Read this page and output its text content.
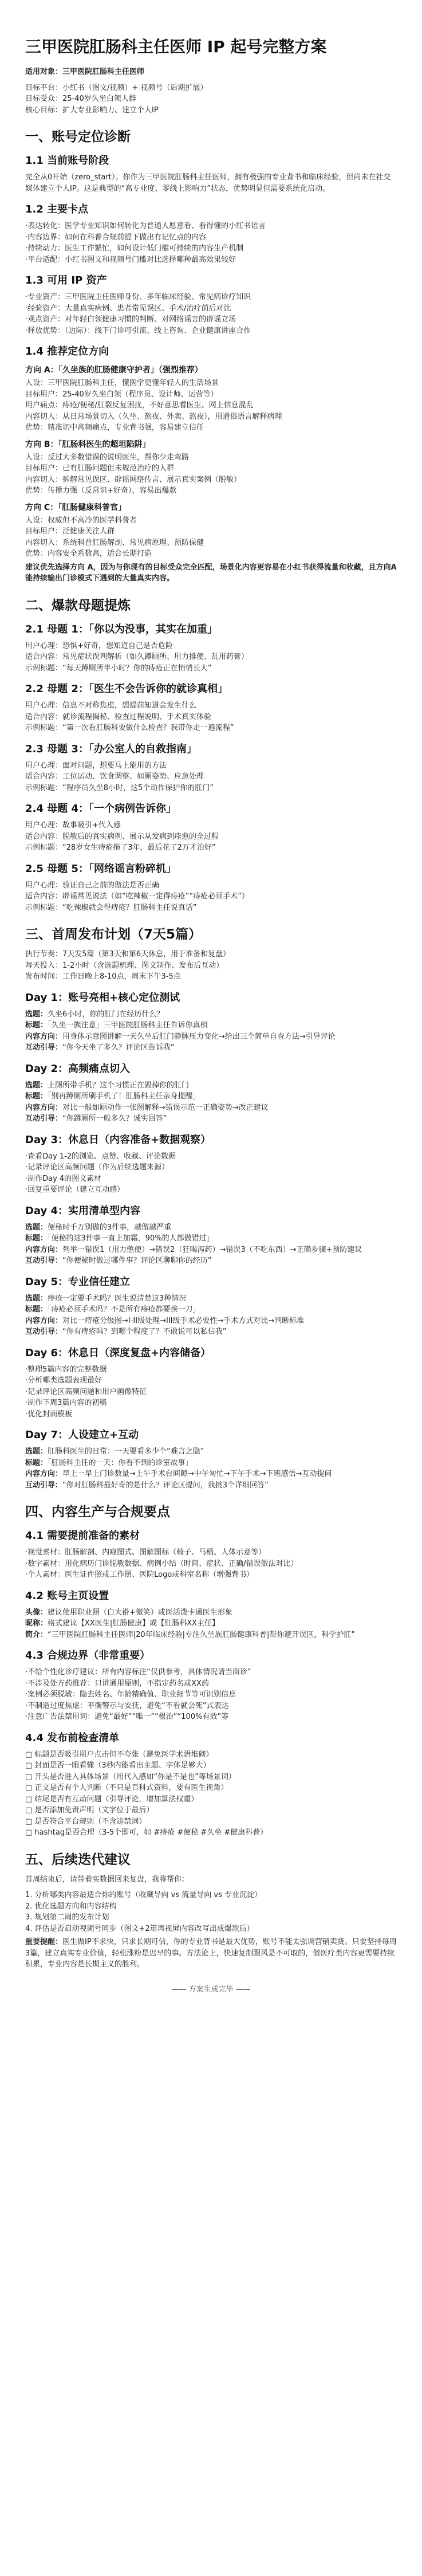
三甲医院肛肠科主任医师 IP 起号完整方案

适用对象：三甲医院肛肠科主任医师

目标平台：小红书（图文/视频）+ 视频号（后期扩展）
目标受众：25-40岁久坐白领人群
核心目标：扩大专业影响力、建立个人IP
一、账号定位诊断
1.1 当前账号阶段

完全从0开始（zero_start）。你作为三甲医院肛肠科主任医师，拥有极强的专业背书和临床经验，但尚未在社交媒体建立个人IP。这是典型的“高专业度、零线上影响力”状态，优势明显但需要系统化启动。

1.2 主要卡点
·表达转化：医学专业知识如何转化为普通人愿意看、看得懂的小红书语言
·内容边界：如何在科普合规前提下做出有记忆点的内容
·持续动力：医生工作繁忙，如何设计低门槛可持续的内容生产机制
·平台适配：小红书图文和视频号门槛对比选择哪种最高效果较好
1.3 可用 IP 资产
·专业资产：三甲医院主任医师身份、多年临床经验、常见病诊疗知识
·经验资产：大量真实病例、患者常见误区、手术/治疗前后对比
·观点资产：对年轻白领健康习惯的判断、对网络谣言的辟谣立场
·释放优势：（边际）：线下门诊可引流、线上咨询、企业健康讲座合作
1.4 推荐定位方向
方向 A：「久坐族的肛肠健康守护者」（强烈推荐）
人设：三甲医院肛肠科主任，懂医学更懂年轻人的生活场景
目标用户：25-40岁久坐白领（程序员、设计师、运营等）
用户痛点：痔疮/便秘/肛裂反复困扰，不好意思看医生、网上信息混乱
内容切入：从日常场景切入（久坐、熬夜、外卖、熬夜），用通俗语言解释病理
优势：精准切中高频痛点，专业背书强，容易建立信任
方向 B：「肛肠科医生的超坦陷阱」
人设：反过大多数错误的说明医生，帮你少走弯路
目标用户：已有肛肠问题但未规范治疗的人群
内容切入：拆解常见误区、辟谣网络传言、展示真实案例（脱敏）
优势：传播力强（反常识+好奇），容易出爆款
方向 C：「肛肠健康科普官」
人设：权威但不高冷的医学科普者
目标用户：泛健康关注人群
内容切入：系统科普肛肠解剖、常见病原理、预防保健
优势：内容安全系数高，适合长期打造

建议优先选择方向 A，因为与你现有的目标受众完全匹配，场景化内容更容易在小红书获得流量和收藏，且方向A能持续输出门诊模式下遇到的大量真实内容。

二、爆款母题提炼
2.1 母题 1：「你以为没事，其实在加重」
用户心理：恐惧+好奇，想知道自己是否危险
适合内容：常见症状误判解析（如久蹲厕所、用力排便、乱用药膏）
示例标题：“每天蹲厕所半小时？你的痔疮正在悄悄长大”
2.2 母题 2：「医生不会告诉你的就诊真相」
用户心理：信息不对称焦虑，想提前知道会发生什么
适合内容：就诊流程揭秘、检查过程说明、手术真实体验
示例标题：“第一次看肛肠科要做什么检查？我带你走一遍流程”
2.3 母题 3：「办公室人的自救指南」
用户心理：面对问题，想要马上能用的方法
适合内容：工位运动、饮食调整、如厕姿势、应急处理
示例标题：“程序员久坐8小时，这5个动作保护你的肛门”
2.4 母题 4：「一个病例告诉你」
用户心理：故事吸引+代入感
适合内容：脱敏后的真实病例、展示从发病到痊愈的全过程
示例标题：“28岁女生痔疮拖了3年，最后花了2万才治好”
2.5 母题 5：「网络谣言粉碎机」
用户心理：验证自己之前的做法是否正确
适合内容：辟谣常见说法（如“吃辣椒一定得痔疮”“痔疮必须手术”）
示例标题：“吃辣椒就会得痔疮？肛肠科主任说真话”
三、首周发布计划（7天5篇）
执行节奏：7天发5篇（第3天和第6天休息，用于准备和复盘）
每天投入：1-2小时（含选题梳理、图文制作、发布后互动）
发布时间：工作日晚上8-10点，周末下午3-5点
Day 1：账号亮相+核心定位测试
选题：久坐6小时，你的肛门在经历什么？
标题：「久坐一族注意」三甲医院肛肠科主任告诉你真相
内容方向：用身体示意图讲解一天久坐后肛门静脉压力变化→给出三个简单自查方法→引导评论
互动引导：“你今天坐了多久？评论区告诉我”
Day 2：高频痛点切入
选题：上厕所带手机？这个习惯正在毁掉你的肛门
标题：「别再蹲厕所刷手机了！肛肠科主任亲身提醒」
内容方向：对比一般如厕动作一张图解释→错误示范一正确姿势→改正建议
互动引导：“你蹲厕所一般多久？诚实回答”
Day 3：休息日（内容准备+数据观察）
·查看Day 1-2的浏览、点赞、收藏、评论数据
·记录评论区高频问题（作为后续选题来源）
·制作Day 4的图文素材
·回复重要评论（建立互动感）
Day 4：实用清单型内容
选题：便秘时千万别做的3件事，越做越严重
标题：「便秘的这3件事一直上加霜，90%的人都做错过」
内容方向：列举一错误1（用力憋便）→错误2（狂喝泻药）→错误3（不吃东西）→正确步骤+预防建议
互动引导：“你便秘时做过哪件事？评论区聊聊你的经历”
Day 5：专业信任建立
选题：痔疮一定要手术吗？医生说清楚这3种情况
标题：「痔疮必须手术吗？不是所有痔疮都要挨一刀」
内容方向：对比一痔疮分级图→I-II级处理→III级手术必要性→手术方式对比→判断标准
互动引导：“你有痔疮吗？到哪个程度了？不敢说可以私信我”
Day 6：休息日（深度复盘+内容储备）
·整理5篇内容的完整数据
·分析哪类选题表现最好
·记录评论区高频问题和用户画像特征
·制作下周3篇内容的初稿
·优化封面模板
Day 7：人设建立+互动
选题：肛肠科医生的日常：一天要看多少个“难言之隐”
标题：「肛肠科主任的一天：你看不到的诊室故事」
内容方向：早上一早上门诊数量→上午手术台间隙→中午匆忙→下午手术→下班感悟→互动提问
互动引导：“你对肛肠科最好奇的是什么？评论区提问，我挑3个详细回答”
四、内容生产与合规要点
4.1 需要提前准备的素材
·视觉素材：肛肠解剖、内窥图式、图解图标（椅子、马桶、人体示意等）
·数字素材：用化病历门诊脱敏数据、病例小结（时间、症状、正确/错误做法对比）
·个人素材：医生证件照或工作照、医院Logo或科室名称（增强背书）
4.2 账号主页设置
头像：建议使用职业照（白大褂+微笑）或医活泼卡通医生形象
昵称：格式建议【XX医生|肛肠健康】或【肛肠科XX主任】
简介：“三甲医院肛肠科主任医师|20年临床经验|专注久坐族肛肠健康科普|帮你避开误区，科学护肛”
4.3 合规边界（非常重要）
·不给个性化诊疗建议：所有内容标注“仅供参考，具体情况请当面诊”
·不涉及处方药推荐：只讲通用原则，不指定药名或XX药
·案例必须脱敏：隐去姓名、年龄精确值、职业细节等可识别信息
·不制造过度焦虑：平衡警示与安抚，避免“不看就会死”式表达
·注意广告法禁用词：避免“最好”“唯一”“根治”“100%有效”等
4.4 发布前检查清单
□ 标题是否吸引用户点击但不夸张（避免医学术语堆砌）
□ 封面是否一眼看懂（3秒内能看出主题、字体足够大）
□ 开头是否进入具体场景（用代入感如“你是不是也”等场景词）
□ 正文是否有个人判断（不只是百科式资料，要有医生视角）
□ 结尾是否有互动问题（引导评论，增加算法权重）
□ 是否添加免责声明（文字位于最后）
□ 是否符合平台规则（不含违禁词）
□ hashtag是否合理（3-5个即可，如 #痔疮 #便秘 #久坐 #健康科普）
五、后续迭代建议

首周结束后，请带着实数据回来复盘，我将帮你：

1. 分析哪类内容最适合你的账号（收藏导向 vs 流量导向 vs 专业沉淀）
2. 优化选题方向和内容结构
3. 规划第二周的发布计划
4. 评估是否启动视频号同步（图文+2篇再视屏内容改写出成爆款后）

重要提醒：医生做IP不求快，只求长期可信，你的专业背书是最大优势，账号不能太强调营销卖货。只要坚持每周3篇，建立真实专业价值，轻松涨粉是迟早的事。方法论上，快速复制跟风是不可取的，做医疗类内容更需要持续积累，专业内容是长期主义的胜利。

—— 方案生成完毕 ——
